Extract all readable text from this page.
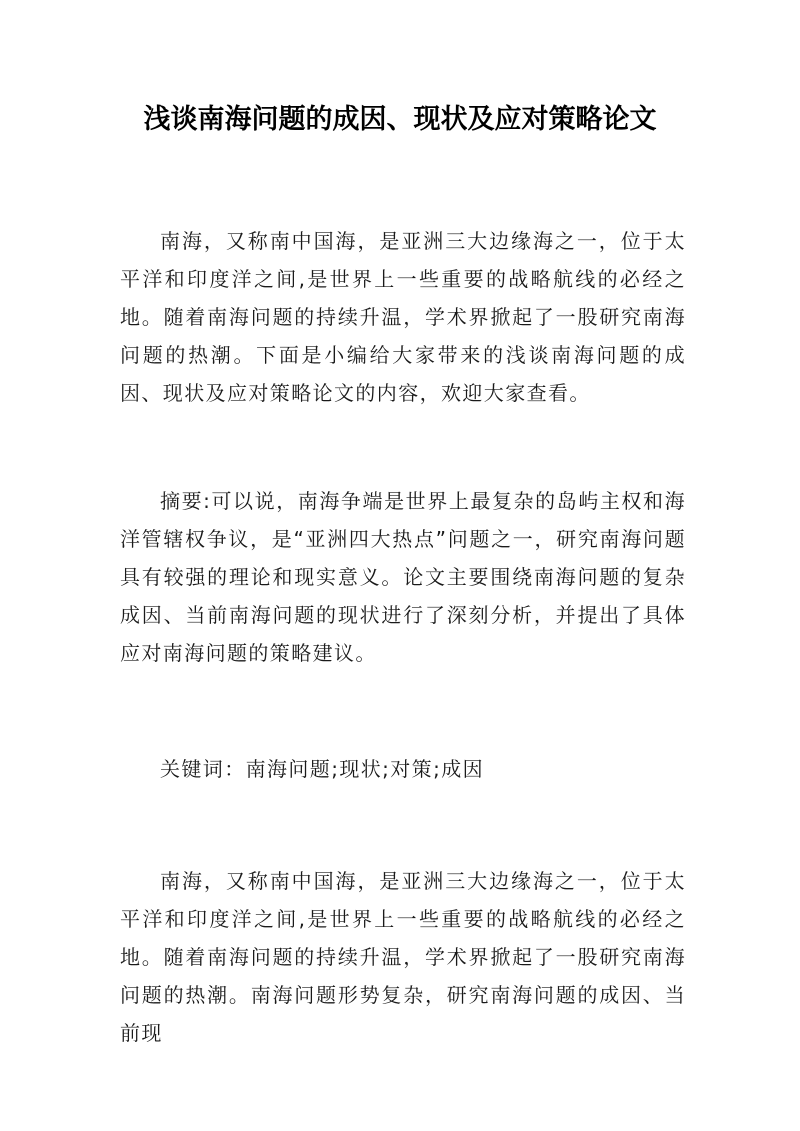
浅谈南海问题的成因、现状及应对策略论文

南海，又称南中国海，是亚洲三大边缘海之一，位于太平洋和印度洋之间,是世界上一些重要的战略航线的必经之地。随着南海问题的持续升温，学术界掀起了一股研究南海问题的热潮。下面是小编给大家带来的浅谈南海问题的成因、现状及应对策略论文的内容，欢迎大家查看。

摘要:可以说，南海争端是世界上最复杂的岛屿主权和海洋管辖权争议，是“亚洲四大热点”问题之一，研究南海问题具有较强的理论和现实意义。论文主要围绕南海问题的复杂成因、当前南海问题的现状进行了深刻分析，并提出了具体应对南海问题的策略建议。

关键词：南海问题;现状;对策;成因

南海，又称南中国海，是亚洲三大边缘海之一，位于太平洋和印度洋之间,是世界上一些重要的战略航线的必经之地。随着南海问题的持续升温，学术界掀起了一股研究南海问题的热潮。南海问题形势复杂，研究南海问题的成因、当前现
